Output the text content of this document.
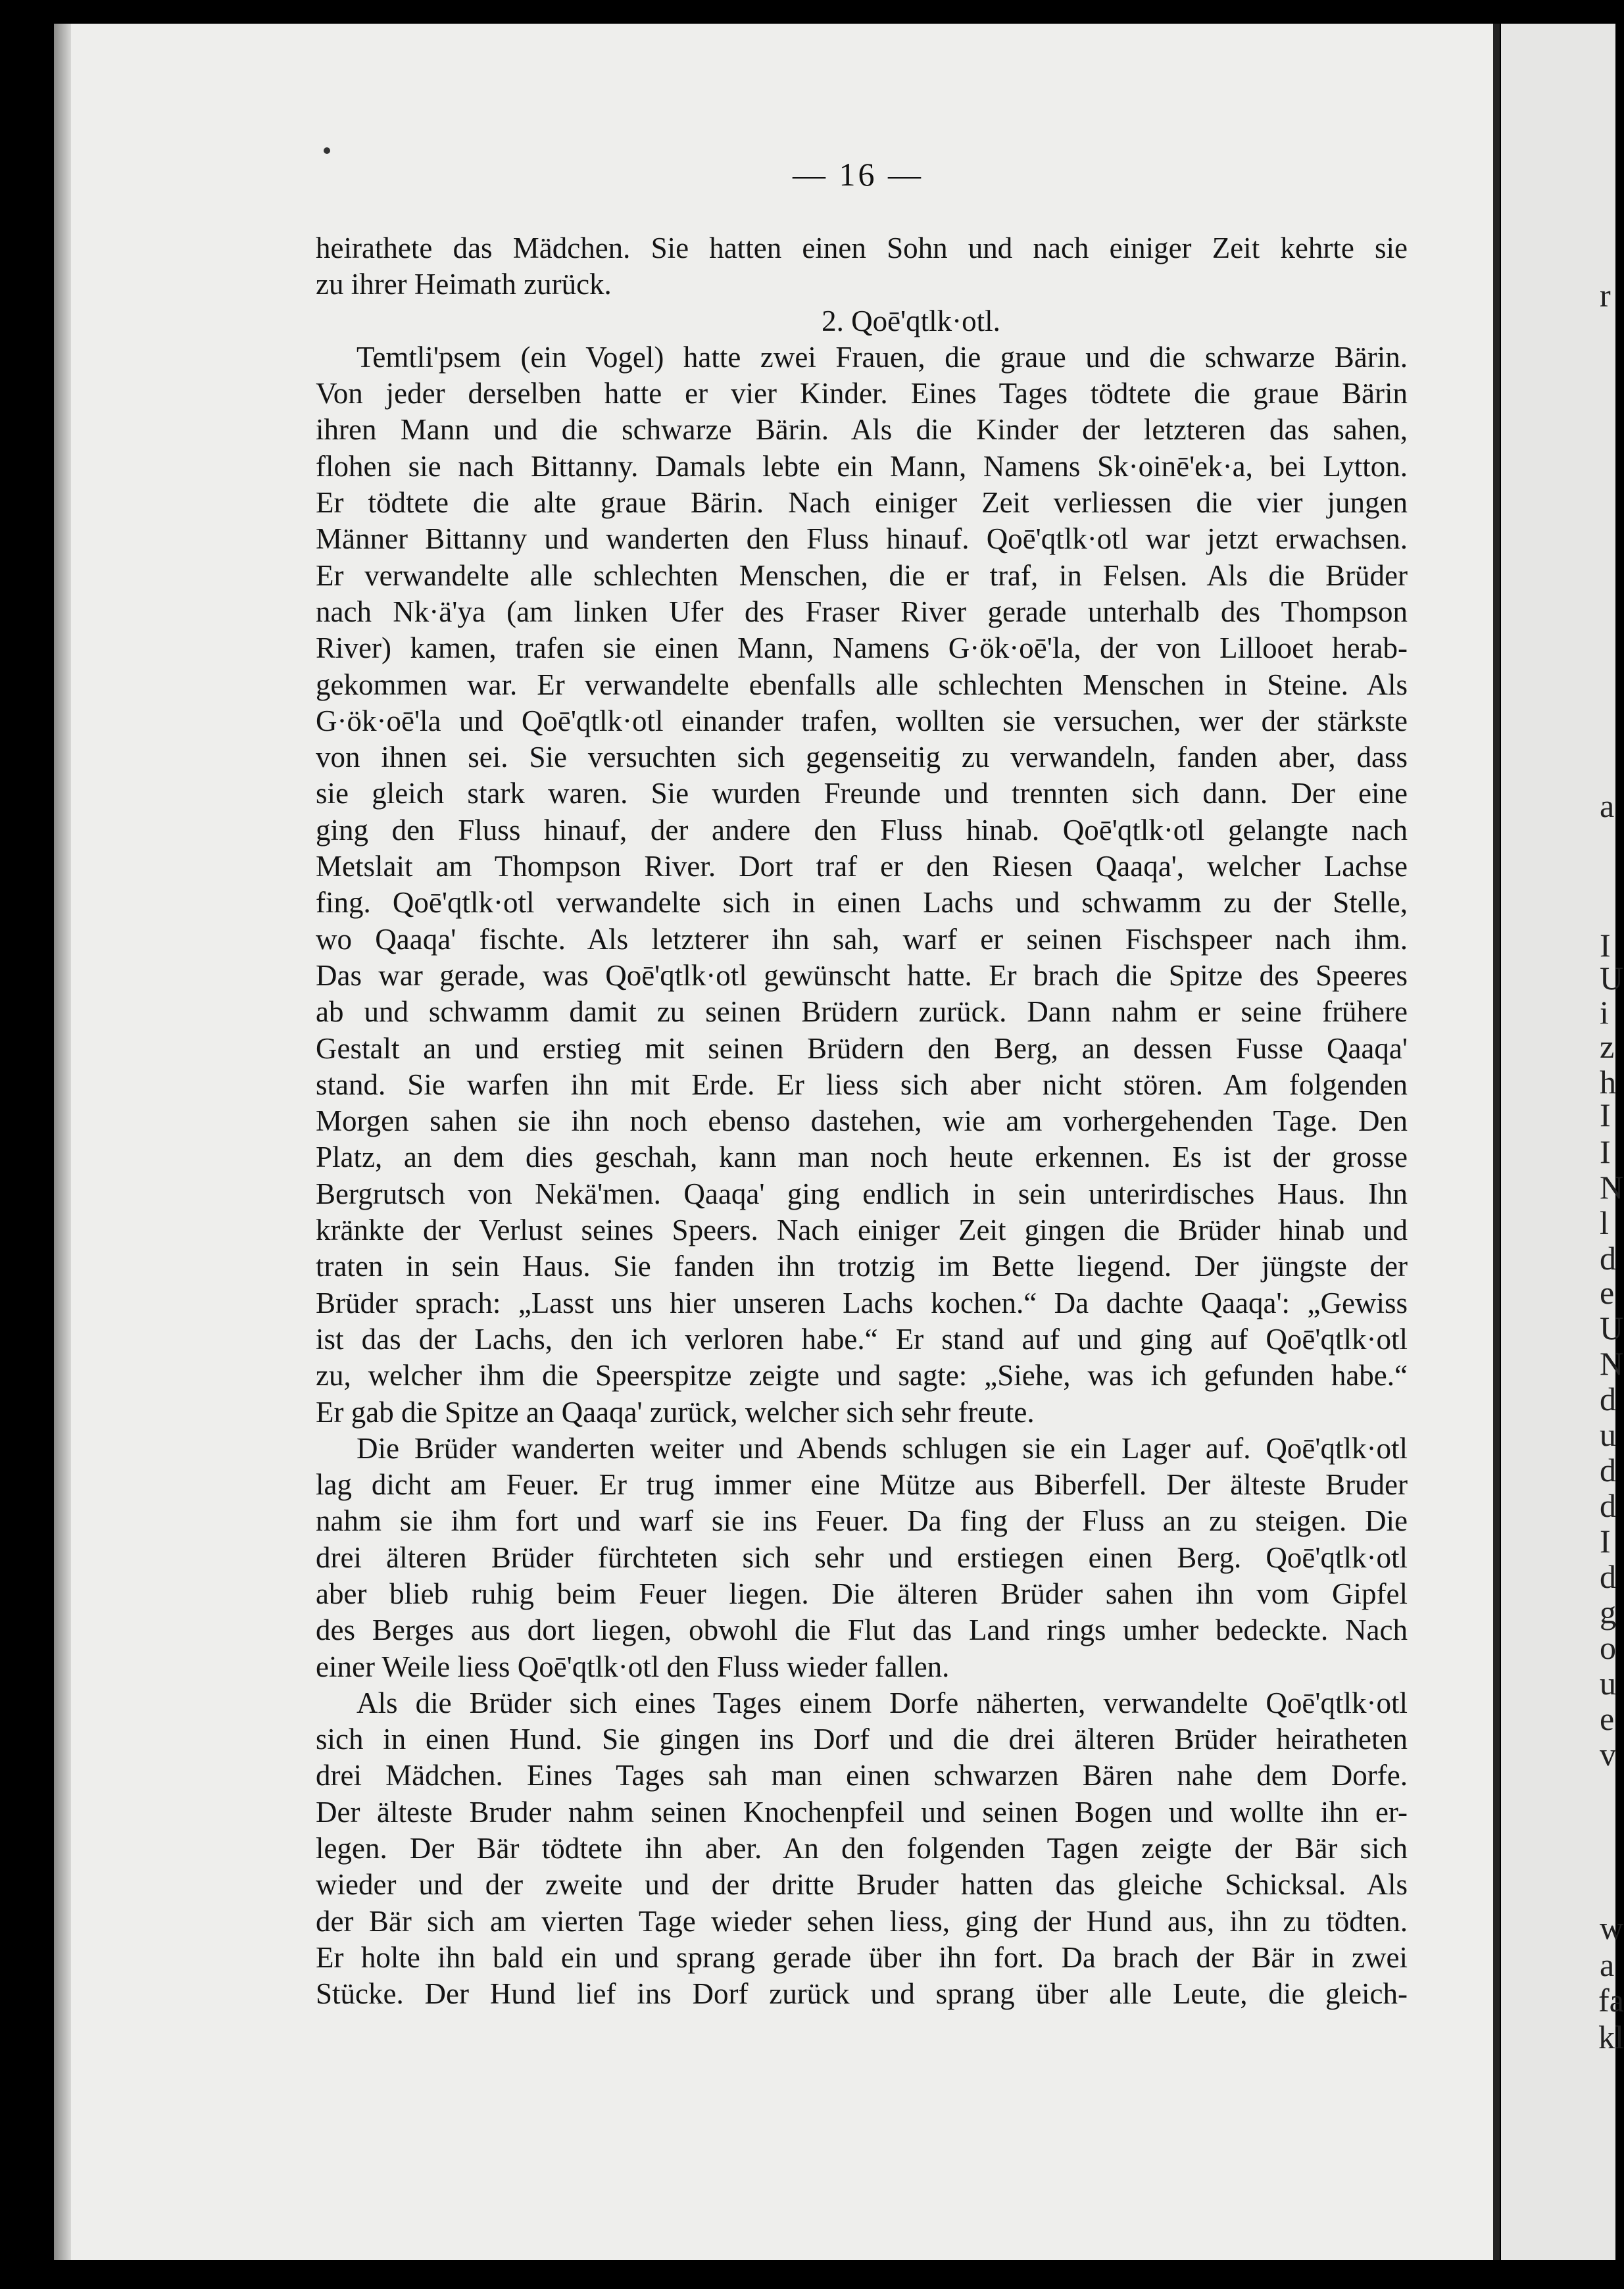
r
a
I
U
i
z
h
I
I
N
l
d
e
U
N
d
u
d
d
I
d
g
o
u
e
v
w
a
fa
kl
— 16 —
heirathete das Mädchen. Sie hatten einen Sohn und nach einiger Zeit kehrte sie
zu ihrer Heimath zurück.
2. Qoē'qtlk·otl.
Temtli'psem (ein Vogel) hatte zwei Frauen, die graue und die schwarze Bärin.
Von jeder derselben hatte er vier Kinder. Eines Tages tödtete die graue Bärin
ihren Mann und die schwarze Bärin. Als die Kinder der letzteren das sahen,
flohen sie nach Bittanny. Damals lebte ein Mann, Namens Sk·oinē'ek·a, bei Lytton.
Er tödtete die alte graue Bärin. Nach einiger Zeit verliessen die vier jungen
Männer Bittanny und wanderten den Fluss hinauf. Qoē'qtlk·otl war jetzt erwachsen.
Er verwandelte alle schlechten Menschen, die er traf, in Felsen. Als die Brüder
nach Nk·ä'ya (am linken Ufer des Fraser River gerade unterhalb des Thompson
River) kamen, trafen sie einen Mann, Namens G·ök·oē'la, der von Lillooet herab-
gekommen war. Er verwandelte ebenfalls alle schlechten Menschen in Steine. Als
G·ök·oē'la und Qoē'qtlk·otl einander trafen, wollten sie versuchen, wer der stärkste
von ihnen sei. Sie versuchten sich gegenseitig zu verwandeln, fanden aber, dass
sie gleich stark waren. Sie wurden Freunde und trennten sich dann. Der eine
ging den Fluss hinauf, der andere den Fluss hinab. Qoē'qtlk·otl gelangte nach
Metslait am Thompson River. Dort traf er den Riesen Qaaqa', welcher Lachse
fing. Qoē'qtlk·otl verwandelte sich in einen Lachs und schwamm zu der Stelle,
wo Qaaqa' fischte. Als letzterer ihn sah, warf er seinen Fischspeer nach ihm.
Das war gerade, was Qoē'qtlk·otl gewünscht hatte. Er brach die Spitze des Speeres
ab und schwamm damit zu seinen Brüdern zurück. Dann nahm er seine frühere
Gestalt an und erstieg mit seinen Brüdern den Berg, an dessen Fusse Qaaqa'
stand. Sie warfen ihn mit Erde. Er liess sich aber nicht stören. Am folgenden
Morgen sahen sie ihn noch ebenso dastehen, wie am vorhergehenden Tage. Den
Platz, an dem dies geschah, kann man noch heute erkennen. Es ist der grosse
Bergrutsch von Nekä'men. Qaaqa' ging endlich in sein unterirdisches Haus. Ihn
kränkte der Verlust seines Speers. Nach einiger Zeit gingen die Brüder hinab und
traten in sein Haus. Sie fanden ihn trotzig im Bette liegend. Der jüngste der
Brüder sprach: „Lasst uns hier unseren Lachs kochen.“ Da dachte Qaaqa': „Gewiss
ist das der Lachs, den ich verloren habe.“ Er stand auf und ging auf Qoē'qtlk·otl
zu, welcher ihm die Speerspitze zeigte und sagte: „Siehe, was ich gefunden habe.“
Er gab die Spitze an Qaaqa' zurück, welcher sich sehr freute.
Die Brüder wanderten weiter und Abends schlugen sie ein Lager auf. Qoē'qtlk·otl
lag dicht am Feuer. Er trug immer eine Mütze aus Biberfell. Der älteste Bruder
nahm sie ihm fort und warf sie ins Feuer. Da fing der Fluss an zu steigen. Die
drei älteren Brüder fürchteten sich sehr und erstiegen einen Berg. Qoē'qtlk·otl
aber blieb ruhig beim Feuer liegen. Die älteren Brüder sahen ihn vom Gipfel
des Berges aus dort liegen, obwohl die Flut das Land rings umher bedeckte. Nach
einer Weile liess Qoē'qtlk·otl den Fluss wieder fallen.
Als die Brüder sich eines Tages einem Dorfe näherten, verwandelte Qoē'qtlk·otl
sich in einen Hund. Sie gingen ins Dorf und die drei älteren Brüder heiratheten
drei Mädchen. Eines Tages sah man einen schwarzen Bären nahe dem Dorfe.
Der älteste Bruder nahm seinen Knochenpfeil und seinen Bogen und wollte ihn er-
legen. Der Bär tödtete ihn aber. An den folgenden Tagen zeigte der Bär sich
wieder und der zweite und der dritte Bruder hatten das gleiche Schicksal. Als
der Bär sich am vierten Tage wieder sehen liess, ging der Hund aus, ihn zu tödten.
Er holte ihn bald ein und sprang gerade über ihn fort. Da brach der Bär in zwei
Stücke. Der Hund lief ins Dorf zurück und sprang über alle Leute, die gleich-
